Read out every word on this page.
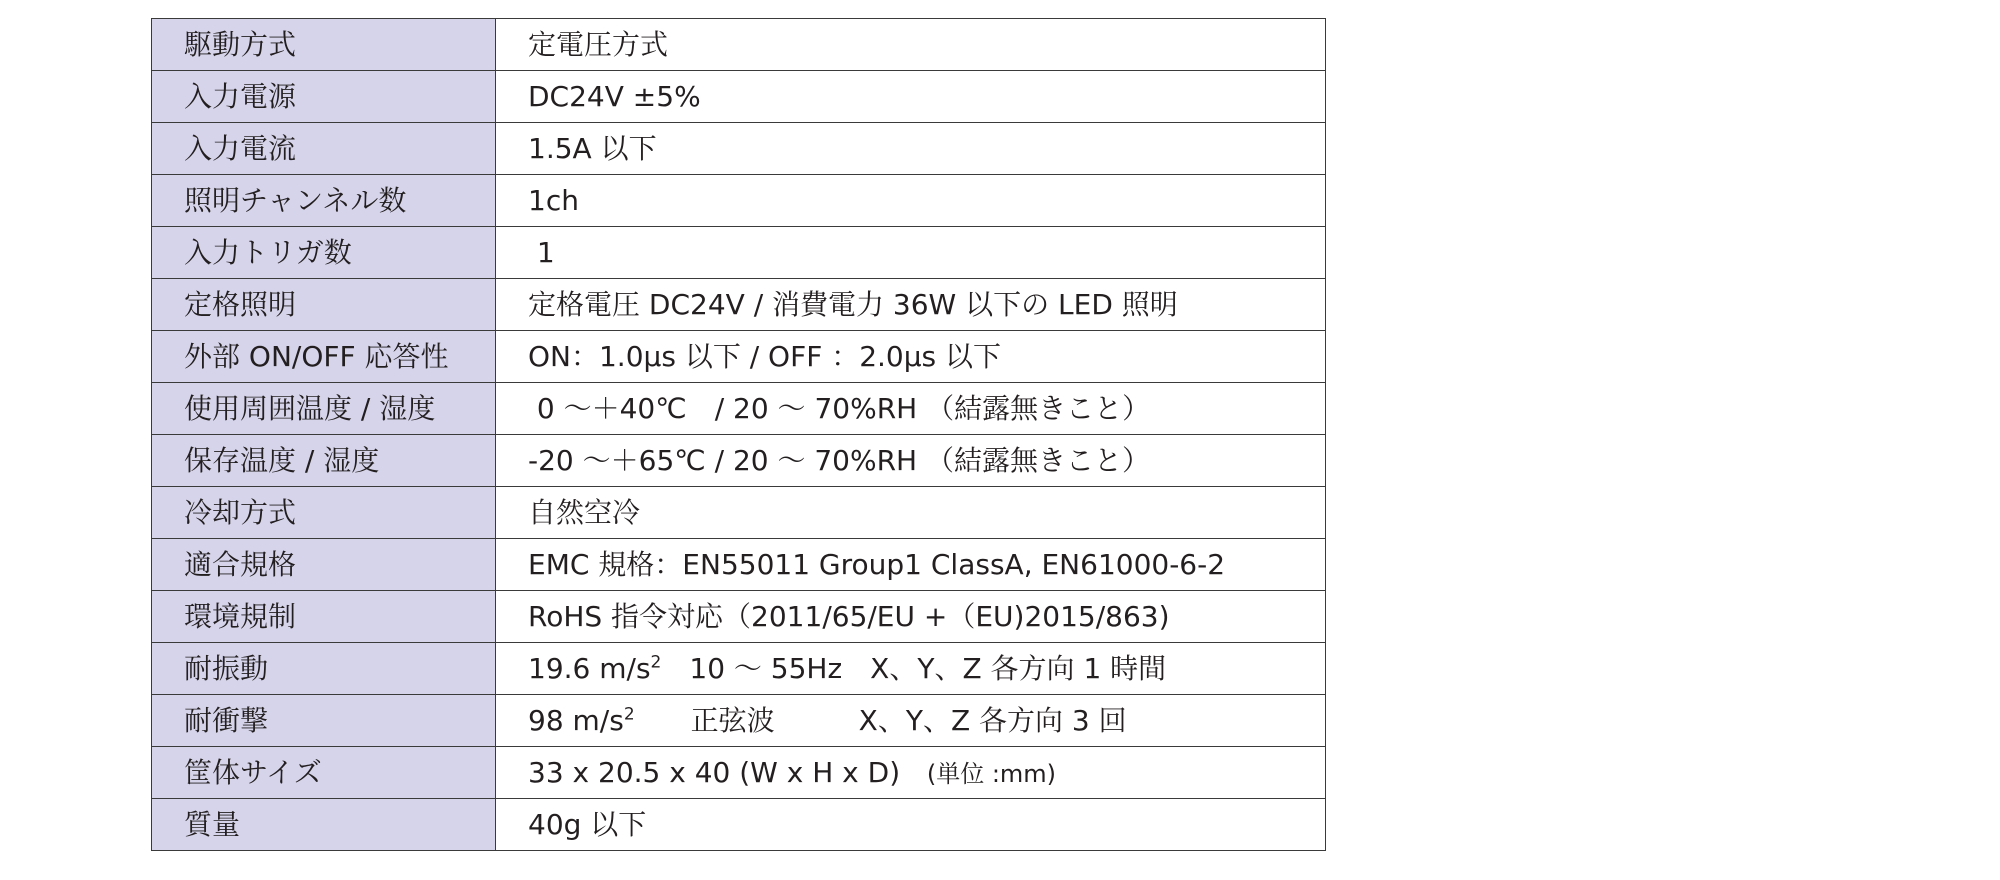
駆動方式	定電圧方式
入力電源	DC24V ±5%
入力電流	1.5A 以下
照明チャンネル数	1ch
入力トリガ数	1
定格照明	定格電圧 DC24V / 消費電力 36W 以下の LED 照明
外部 ON/OFF 応答性	ON：1.0μs 以下 / OFF ：2.0μs 以下
使用周囲温度 / 湿度	0 ～＋40℃　/ 20 ～ 70%RH （結露無きこと）
保存温度 / 湿度	-20 ～＋65℃ / 20 ～ 70%RH （結露無きこと）
冷却方式	自然空冷
適合規格	EMC 規格：EN55011 Group1 ClassA, EN61000-6-2
環境規制	RoHS 指令対応（2011/65/EU +（EU)2015/863)
耐振動	19.6 $m/s^2$　10 ～ 55Hz　X、Y、Z 各方向 1 時間
耐衝撃	98 $m/s^2$　　正弦波　　　X、Y、Z 各方向 3 回
筐体サイズ	33 x 20.5 x 40 (W x H x D) (単位 :mm)
質量	40g 以下
